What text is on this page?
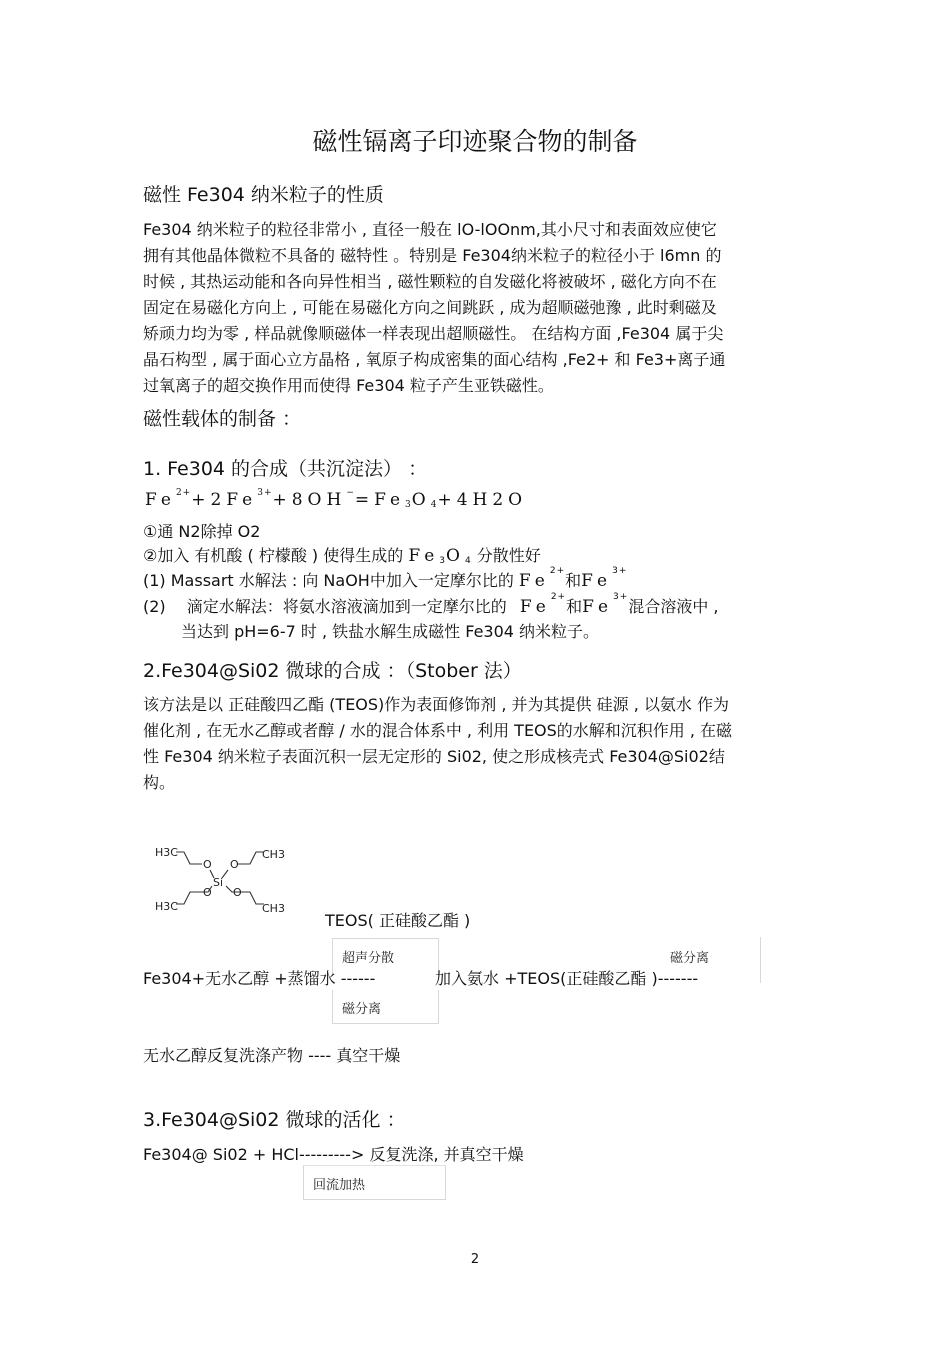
磁性镉离子印迹聚合物的制备
磁性 Fe304 纳米粒子的性质
Fe304 纳米粒子的粒径非常小 , 直径一般在 lO-lOOnm,其小尺寸和表面效应使它
拥有其他晶体微粒不具备的 磁特性 。特别是 Fe304纳米粒子的粒径小于 l6mn 的
时候 , 其热运动能和各向异性相当 , 磁性颗粒的自发磁化将被破坏 , 磁化方向不在
固定在易磁化方向上 , 可能在易磁化方向之间跳跃 , 成为超顺磁弛豫 , 此时剩磁及
矫顽力均为零 , 样品就像顺磁体一样表现出超顺磁性。 在结构方面 ,Fe304 属于尖
晶石构型 , 属于面心立方晶格 , 氧原子构成密集的面心结构 ,Fe2+ 和 Fe3+离子通
过氧离子的超交换作用而使得 Fe304 粒子产生亚铁磁性。
磁性载体的制备 ：
1. Fe304 的合成（共沉淀法） ：
$Fe^{2+}+2Fe^{3+}+8OH^-=Fe3O4+4H2O$
①通 N2除掉 O2
②加入 有机酸 ( 柠檬酸 ) 使得生成的 Fe3O4 分散性好
(1) Massart 水解法 : 向 NaOH中加入一定摩尔比的 $Fe^{2+}$和$Fe^{3+}$
(2) 滴定水解法：将氨水溶液滴加到一定摩尔比的 $Fe^{2+}$和$Fe^{3+}$混合溶液中 ,
当达到 pH=6-7 时 , 铁盐水解生成磁性 Fe304 纳米粒子。
2.Fe304@Si02 微球的合成 ：（Stober 法）
该方法是以 正硅酸四乙酯 (TEOS)作为表面修饰剂 , 并为其提供 硅源 , 以氨水 作为
催化剂 , 在无水乙醇或者醇 / 水的混合体系中 , 利用 TEOS的水解和沉积作用 , 在磁
性 Fe304 纳米粒子表面沉积一层无定形的 Si02, 使之形成核壳式 Fe304@Si02结
构。
H3C	CH3
O O
Si
O O
H3C	CH3
TEOS( 正硅酸乙酯 )
超声分散	磁分离
磁分离
Fe304+无水乙醇 +蒸馏水 ------	加入氨水 +TEOS(正硅酸乙酯 )-------
无水乙醇反复洗涤产物 ---- 真空干燥
3.Fe304@Si02 微球的活化 ：
Fe304@ Si02 + HCl---------> 反复洗涤, 并真空干燥
回流加热
2
